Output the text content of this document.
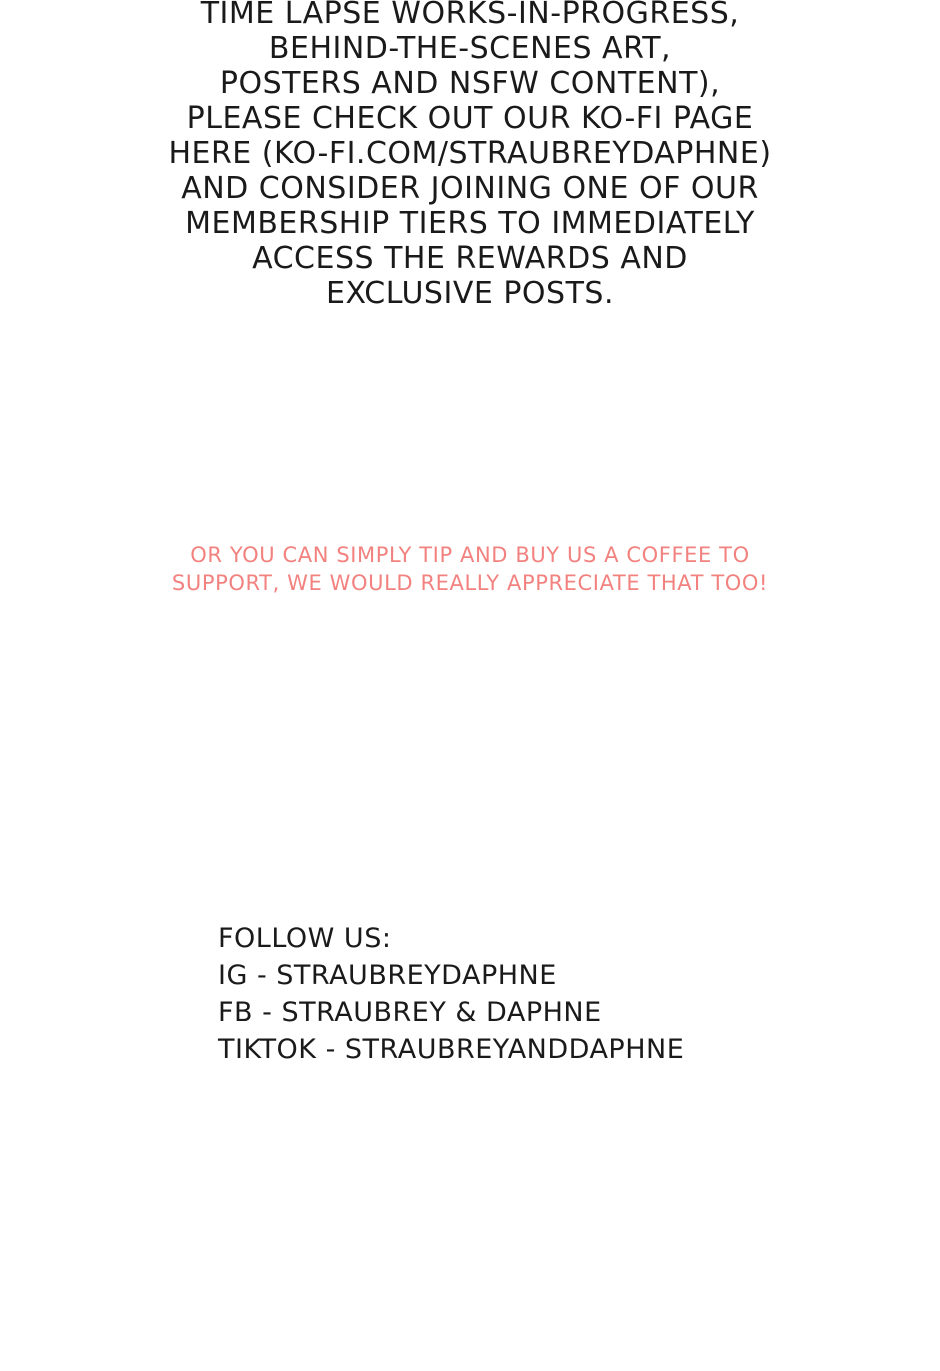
TIME LAPSE WORKS-IN-PROGRESS,
BEHIND-THE-SCENES ART,
POSTERS AND NSFW CONTENT),
PLEASE CHECK OUT OUR KO-FI PAGE
HERE (KO-FI.COM/STRAUBREYDAPHNE)
AND CONSIDER JOINING ONE OF OUR
MEMBERSHIP TIERS TO IMMEDIATELY
ACCESS THE REWARDS AND
EXCLUSIVE POSTS.
OR YOU CAN SIMPLY TIP AND BUY US A COFFEE TO
SUPPORT, WE WOULD REALLY APPRECIATE THAT TOO!
FOLLOW US:
IG - STRAUBREYDAPHNE
FB - STRAUBREY & DAPHNE
TIKTOK - STRAUBREYANDDAPHNE
